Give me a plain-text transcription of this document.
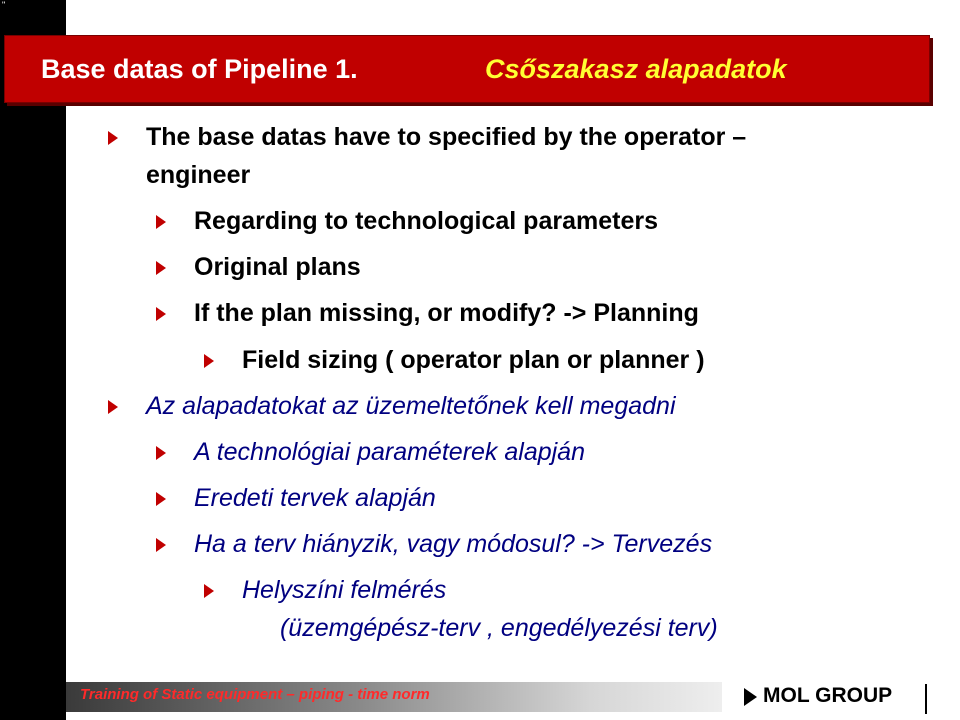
"
Base datas of Pipeline 1.	Csőszakasz alapadatok
The base datas have to specified by the operator –
engineer
Regarding to technological parameters
Original plans
If the plan missing, or modify? -> Planning
Field sizing ( operator plan or planner )
Az alapadatokat az üzemeltetőnek kell megadni
A technológiai paraméterek alapján
Eredeti tervek alapján
Ha a terv hiányzik, vagy módosul? -> Tervezés
Helyszíni felmérés
(üzemgépész-terv , engedélyezési terv)
Training of Static equipment – piping - time norm	MOL GROUP
7
